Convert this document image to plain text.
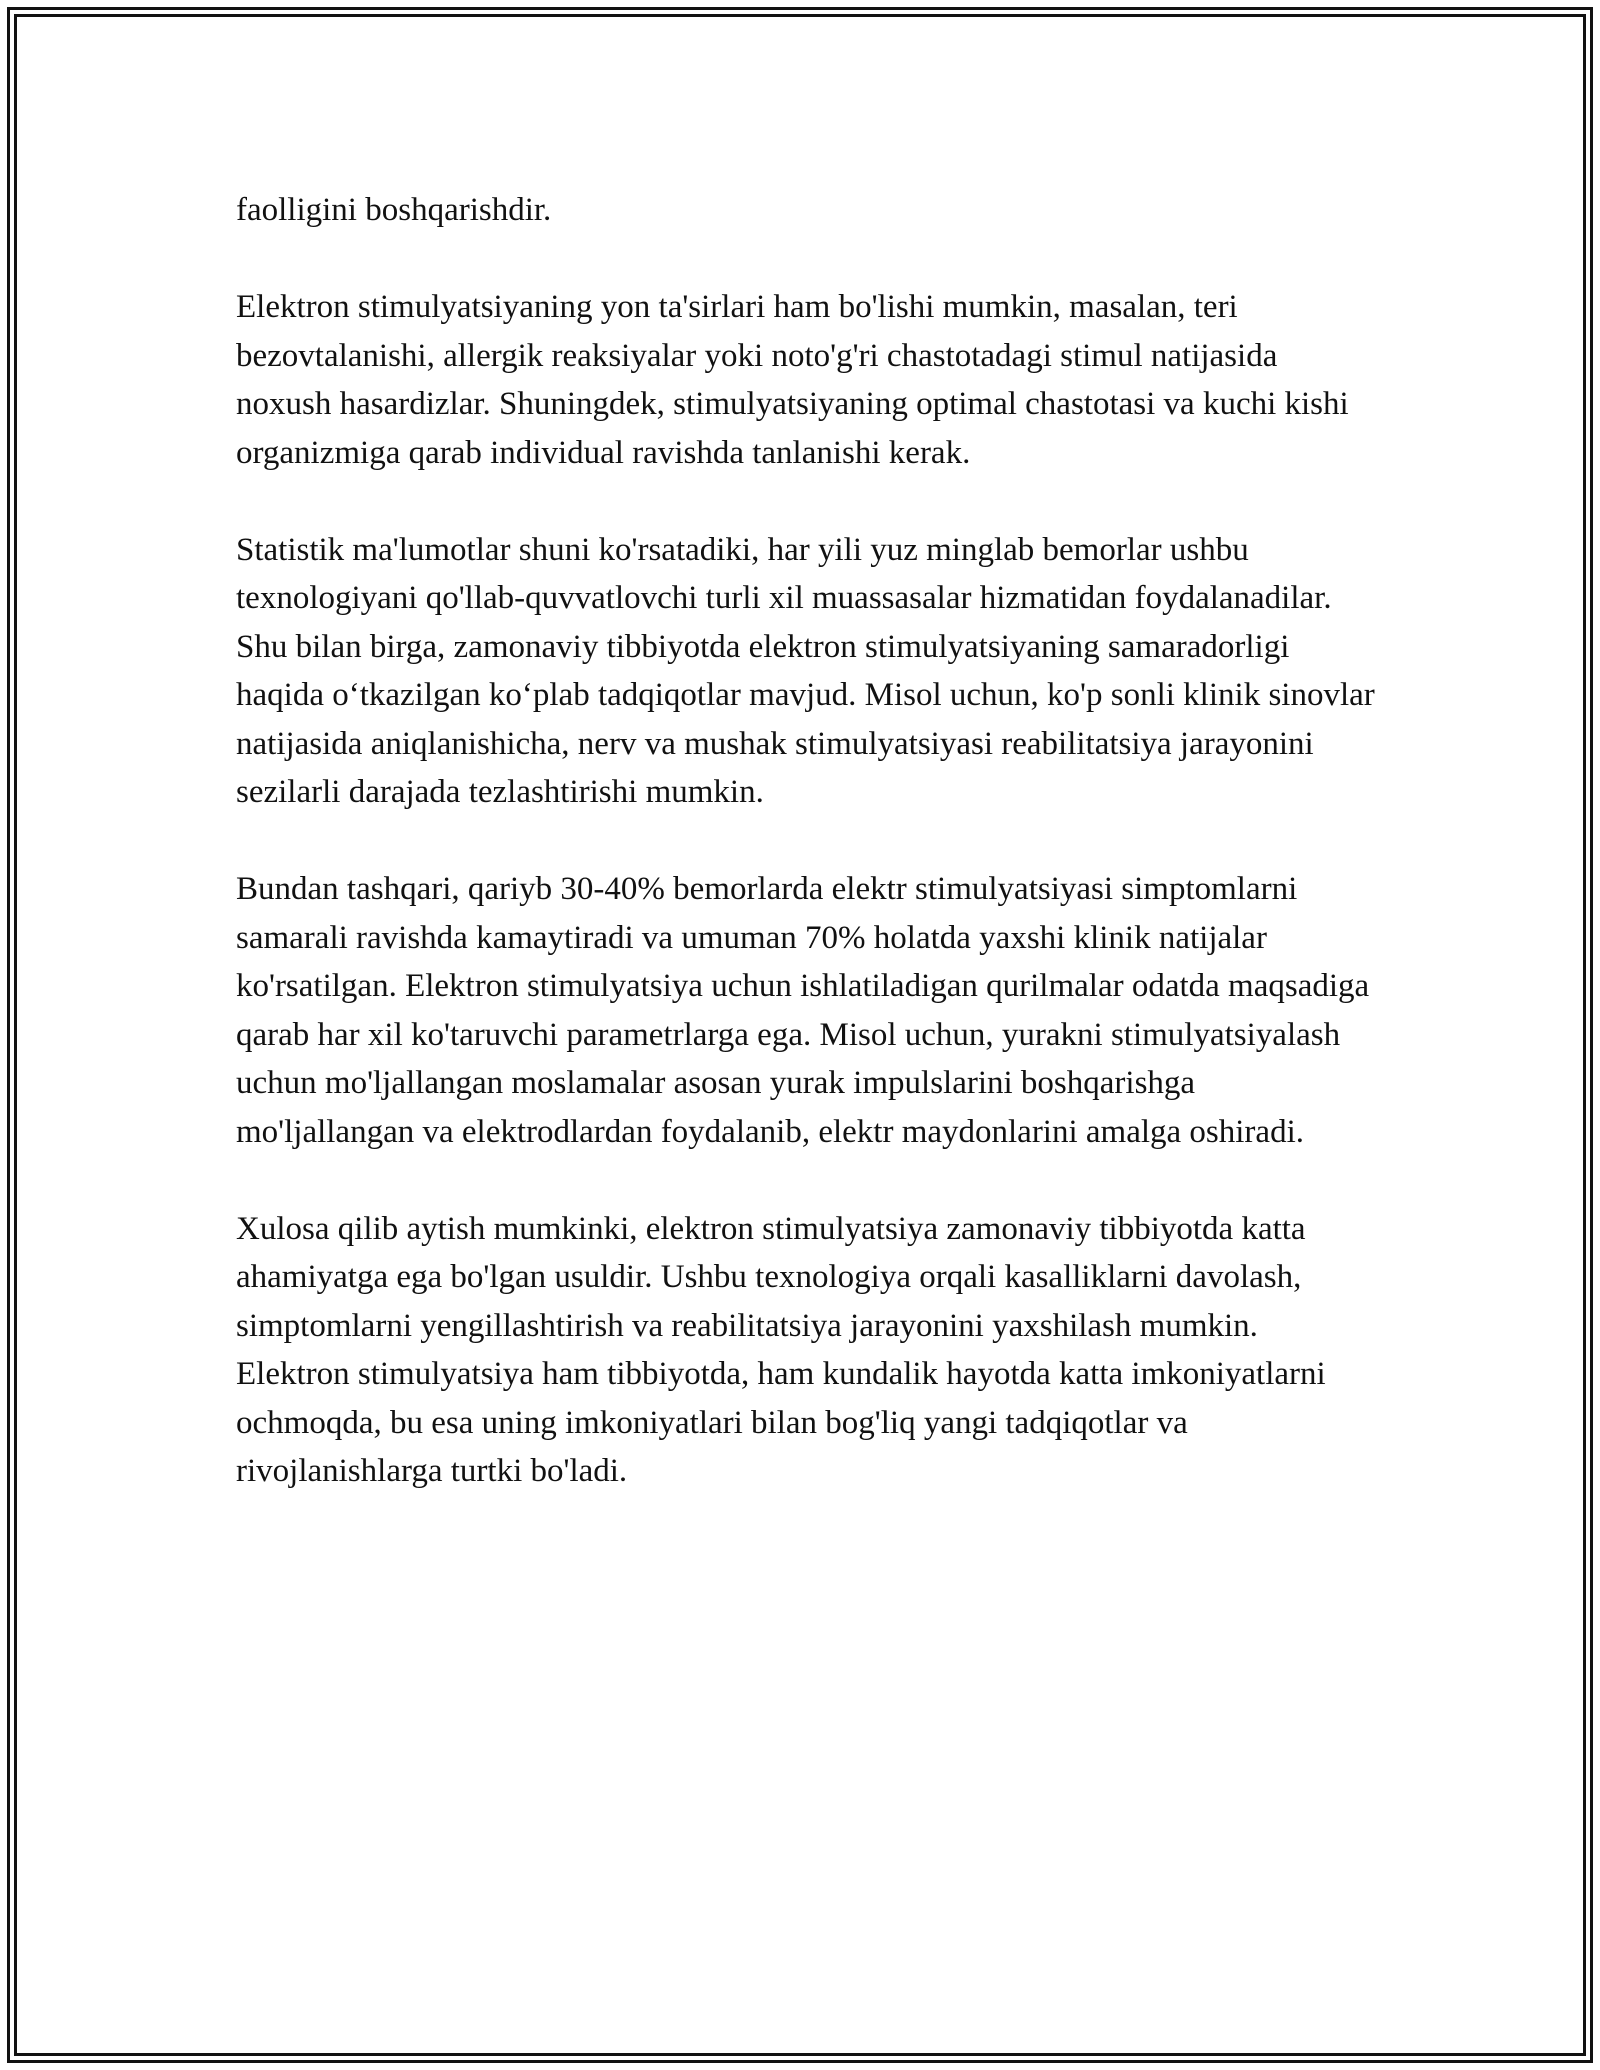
faolligini boshqarishdir.

Elektron stimulyatsiyaning yon ta'sirlari ham bo'lishi mumkin, masalan, teri bezovtalanishi, allergik reaksiyalar yoki noto'g'ri chastotadagi stimul natijasida noxush hasardizlar. Shuningdek, stimulyatsiyaning optimal chastotasi va kuchi kishi organizmiga qarab individual ravishda tanlanishi kerak.

Statistik ma'lumotlar shuni ko'rsatadiki, har yili yuz minglab bemorlar ushbu texnologiyani qo'llab-quvvatlovchi turli xil muassasalar hizmatidan foydalanadilar. Shu bilan birga, zamonaviy tibbiyotda elektron stimulyatsiyaning samaradorligi haqida o‘tkazilgan ko‘plab tadqiqotlar mavjud. Misol uchun, ko'p sonli klinik sinovlar natijasida aniqlanishicha, nerv va mushak stimulyatsiyasi reabilitatsiya jarayonini sezilarli darajada tezlashtirishi mumkin.

Bundan tashqari, qariyb 30-40% bemorlarda elektr stimulyatsiyasi simptomlarni samarali ravishda kamaytiradi va umuman 70% holatda yaxshi klinik natijalar ko'rsatilgan. Elektron stimulyatsiya uchun ishlatiladigan qurilmalar odatda maqsadiga qarab har xil ko'taruvchi parametrlarga ega. Misol uchun, yurakni stimulyatsiyalash uchun mo'ljallangan moslamalar asosan yurak impulslarini boshqarishga mo'ljallangan va elektrodlardan foydalanib, elektr maydonlarini amalga oshiradi.

Xulosa qilib aytish mumkinki, elektron stimulyatsiya zamonaviy tibbiyotda katta ahamiyatga ega bo'lgan usuldir. Ushbu texnologiya orqali kasalliklarni davolash, simptomlarni yengillashtirish va reabilitatsiya jarayonini yaxshilash mumkin. Elektron stimulyatsiya ham tibbiyotda, ham kundalik hayotda katta imkoniyatlarni ochmoqda, bu esa uning imkoniyatlari bilan bog'liq yangi tadqiqotlar va rivojlanishlarga turtki bo'ladi.
